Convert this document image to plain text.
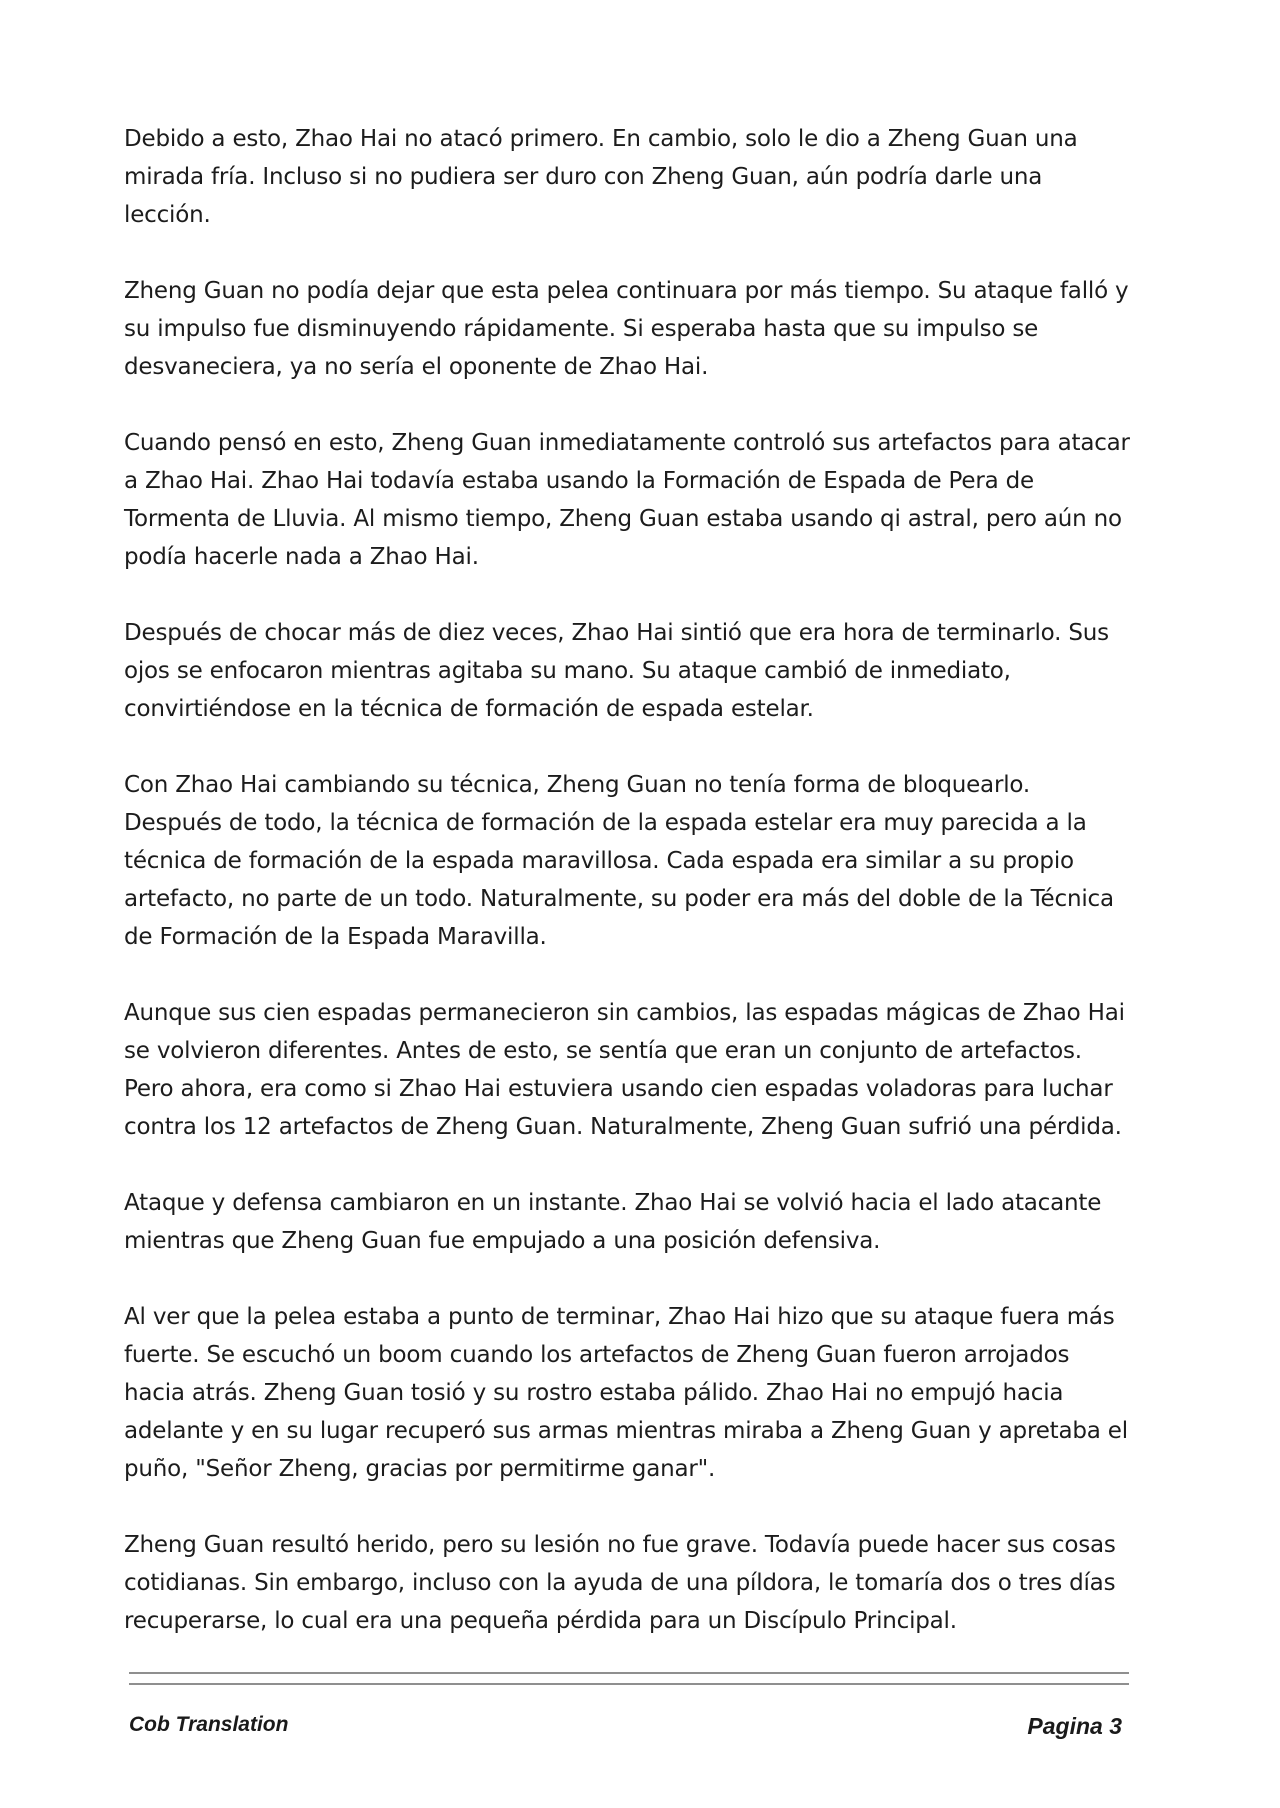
Debido a esto, Zhao Hai no atacó primero. En cambio, solo le dio a Zheng Guan una mirada fría. Incluso si no pudiera ser duro con Zheng Guan, aún podría darle una lección.

Zheng Guan no podía dejar que esta pelea continuara por más tiempo. Su ataque falló y su impulso fue disminuyendo rápidamente. Si esperaba hasta que su impulso se desvaneciera, ya no sería el oponente de Zhao Hai.

Cuando pensó en esto, Zheng Guan inmediatamente controló sus artefactos para atacar a Zhao Hai. Zhao Hai todavía estaba usando la Formación de Espada de Pera de Tormenta de Lluvia. Al mismo tiempo, Zheng Guan estaba usando qi astral, pero aún no podía hacerle nada a Zhao Hai.

Después de chocar más de diez veces, Zhao Hai sintió que era hora de terminarlo. Sus ojos se enfocaron mientras agitaba su mano. Su ataque cambió de inmediato, convirtiéndose en la técnica de formación de espada estelar.

Con Zhao Hai cambiando su técnica, Zheng Guan no tenía forma de bloquearlo. Después de todo, la técnica de formación de la espada estelar era muy parecida a la técnica de formación de la espada maravillosa. Cada espada era similar a su propio artefacto, no parte de un todo. Naturalmente, su poder era más del doble de la Técnica de Formación de la Espada Maravilla.

Aunque sus cien espadas permanecieron sin cambios, las espadas mágicas de Zhao Hai se volvieron diferentes. Antes de esto, se sentía que eran un conjunto de artefactos. Pero ahora, era como si Zhao Hai estuviera usando cien espadas voladoras para luchar contra los 12 artefactos de Zheng Guan. Naturalmente, Zheng Guan sufrió una pérdida.

Ataque y defensa cambiaron en un instante. Zhao Hai se volvió hacia el lado atacante mientras que Zheng Guan fue empujado a una posición defensiva.

Al ver que la pelea estaba a punto de terminar, Zhao Hai hizo que su ataque fuera más fuerte. Se escuchó un boom cuando los artefactos de Zheng Guan fueron arrojados hacia atrás. Zheng Guan tosió y su rostro estaba pálido. Zhao Hai no empujó hacia adelante y en su lugar recuperó sus armas mientras miraba a Zheng Guan y apretaba el puño, "Señor Zheng, gracias por permitirme ganar".

Zheng Guan resultó herido, pero su lesión no fue grave. Todavía puede hacer sus cosas cotidianas. Sin embargo, incluso con la ayuda de una píldora, le tomaría dos o tres días recuperarse, lo cual era una pequeña pérdida para un Discípulo Principal.

Cob Translation	Pagina 3
